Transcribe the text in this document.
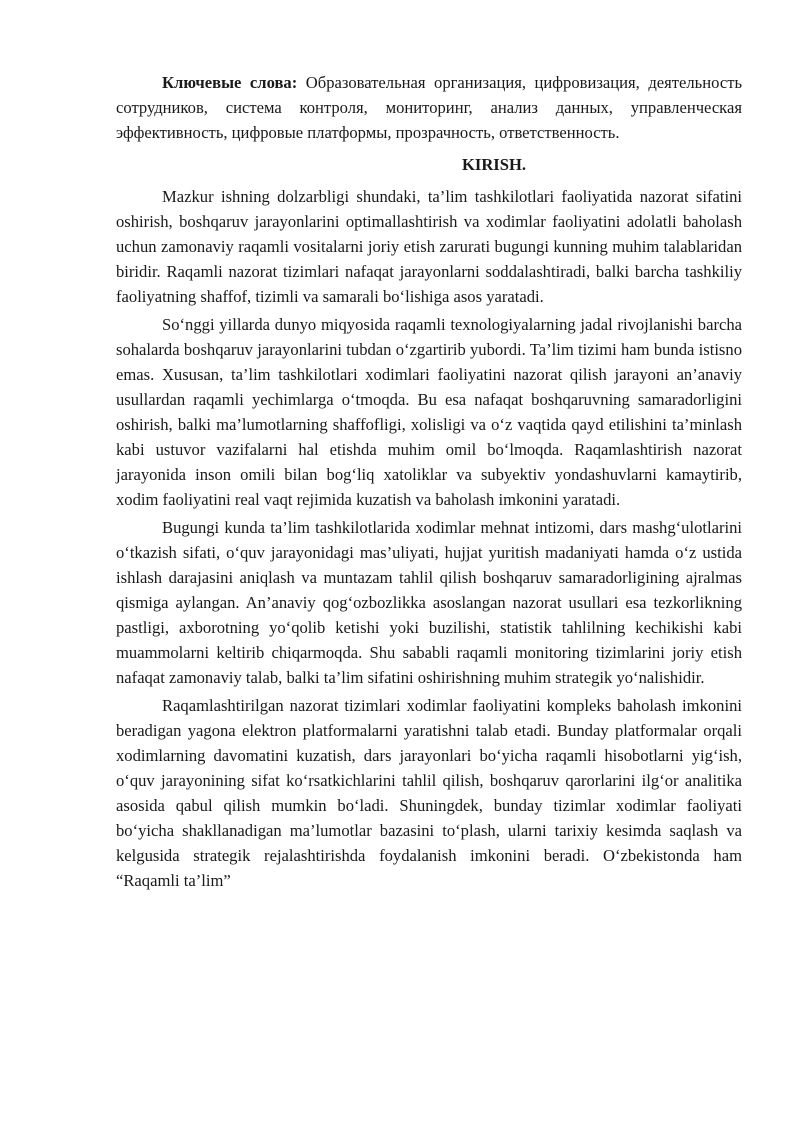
Ключевые слова: Образовательная организация, цифровизация, деятельность сотрудников, система контроля, мониторинг, анализ данных, управленческая эффективность, цифровые платформы, прозрачность, ответственность.

KIRISH.

Mazkur ishning dolzarbligi shundaki, ta’lim tashkilotlari faoliyatida nazorat sifatini oshirish, boshqaruv jarayonlarini optimallashtirish va xodimlar faoliyatini adolatli baholash uchun zamonaviy raqamli vositalarni joriy etish zarurati bugungi kunning muhim talablaridan biridir. Raqamli nazorat tizimlari nafaqat jarayonlarni soddalashtiradi, balki barcha tashkiliy faoliyatning shaffof, tizimli va samarali bo‘lishiga asos yaratadi.

So‘nggi yillarda dunyo miqyosida raqamli texnologiyalarning jadal rivojlanishi barcha sohalarda boshqaruv jarayonlarini tubdan o‘zgartirib yubordi. Ta’lim tizimi ham bunda istisno emas. Xususan, ta’lim tashkilotlari xodimlari faoliyatini nazorat qilish jarayoni an’anaviy usullardan raqamli yechimlarga o‘tmoqda. Bu esa nafaqat boshqaruvning samaradorligini oshirish, balki ma’lumotlarning shaffofligi, xolisligi va o‘z vaqtida qayd etilishini ta’minlash kabi ustuvor vazifalarni hal etishda muhim omil bo‘lmoqda. Raqamlashtirish nazorat jarayonida inson omili bilan bog‘liq xatoliklar va subyektiv yondashuvlarni kamaytirib, xodim faoliyatini real vaqt rejimida kuzatish va baholash imkonini yaratadi.

Bugungi kunda ta’lim tashkilotlarida xodimlar mehnat intizomi, dars mashg‘ulotlarini o‘tkazish sifati, o‘quv jarayonidagi mas’uliyati, hujjat yuritish madaniyati hamda o‘z ustida ishlash darajasini aniqlash va muntazam tahlil qilish boshqaruv samaradorligining ajralmas qismiga aylangan. An’anaviy qog‘ozbozlikka asoslangan nazorat usullari esa tezkorlikning pastligi, axborotning yo‘qolib ketishi yoki buzilishi, statistik tahlilning kechikishi kabi muammolarni keltirib chiqarmoqda. Shu sababli raqamli monitoring tizimlarini joriy etish nafaqat zamonaviy talab, balki ta’lim sifatini oshirishning muhim strategik yo‘nalishidir.

Raqamlashtirilgan nazorat tizimlari xodimlar faoliyatini kompleks baholash imkonini beradigan yagona elektron platformalarni yaratishni talab etadi. Bunday platformalar orqali xodimlarning davomatini kuzatish, dars jarayonlari bo‘yicha raqamli hisobotlarni yig‘ish, o‘quv jarayonining sifat ko‘rsatkichlarini tahlil qilish, boshqaruv qarorlarini ilg‘or analitika asosida qabul qilish mumkin bo‘ladi. Shuningdek, bunday tizimlar xodimlar faoliyati bo‘yicha shakllanadigan ma’lumotlar bazasini to‘plash, ularni tarixiy kesimda saqlash va kelgusida strategik rejalashtirishda foydalanish imkonini beradi. O‘zbekistonda ham “Raqamli ta’lim”
